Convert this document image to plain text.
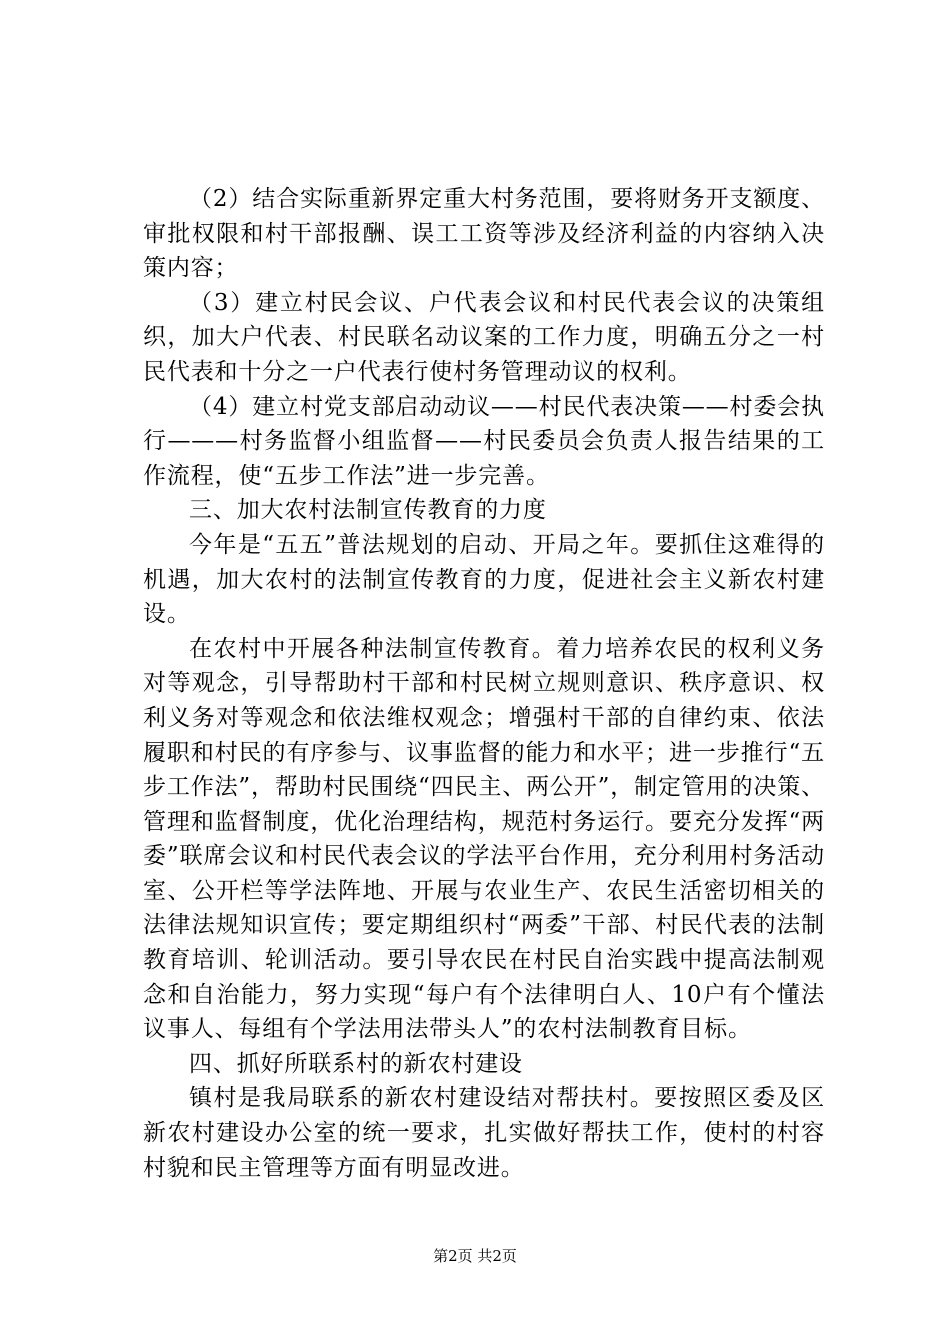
（2）结合实际重新界定重大村务范围，要将财务开支额度、审批权限和村干部报酬、误工工资等涉及经济利益的内容纳入决策内容；

（3）建立村民会议、户代表会议和村民代表会议的决策组织，加大户代表、村民联名动议案的工作力度，明确五分之一村民代表和十分之一户代表行使村务管理动议的权利。

（4）建立村党支部启动动议——村民代表决策——村委会执行———村务监督小组监督——村民委员会负责人报告结果的工作流程，使“五步工作法”进一步完善。

三、加大农村法制宣传教育的力度

今年是“五五”普法规划的启动、开局之年。要抓住这难得的机遇，加大农村的法制宣传教育的力度，促进社会主义新农村建设。

在农村中开展各种法制宣传教育。着力培养农民的权利义务对等观念，引导帮助村干部和村民树立规则意识、秩序意识、权利义务对等观念和依法维权观念；增强村干部的自律约束、依法履职和村民的有序参与、议事监督的能力和水平；进一步推行“五步工作法”，帮助村民围绕“四民主、两公开”，制定管用的决策、管理和监督制度，优化治理结构，规范村务运行。要充分发挥“两委”联席会议和村民代表会议的学法平台作用，充分利用村务活动室、公开栏等学法阵地、开展与农业生产、农民生活密切相关的法律法规知识宣传；要定期组织村“两委”干部、村民代表的法制教育培训、轮训活动。要引导农民在村民自治实践中提高法制观念和自治能力，努力实现“每户有个法律明白人、10户有个懂法议事人、每组有个学法用法带头人”的农村法制教育目标。

四、抓好所联系村的新农村建设

镇村是我局联系的新农村建设结对帮扶村。要按照区委及区新农村建设办公室的统一要求，扎实做好帮扶工作，使村的村容村貌和民主管理等方面有明显改进。

第2页 共2页
